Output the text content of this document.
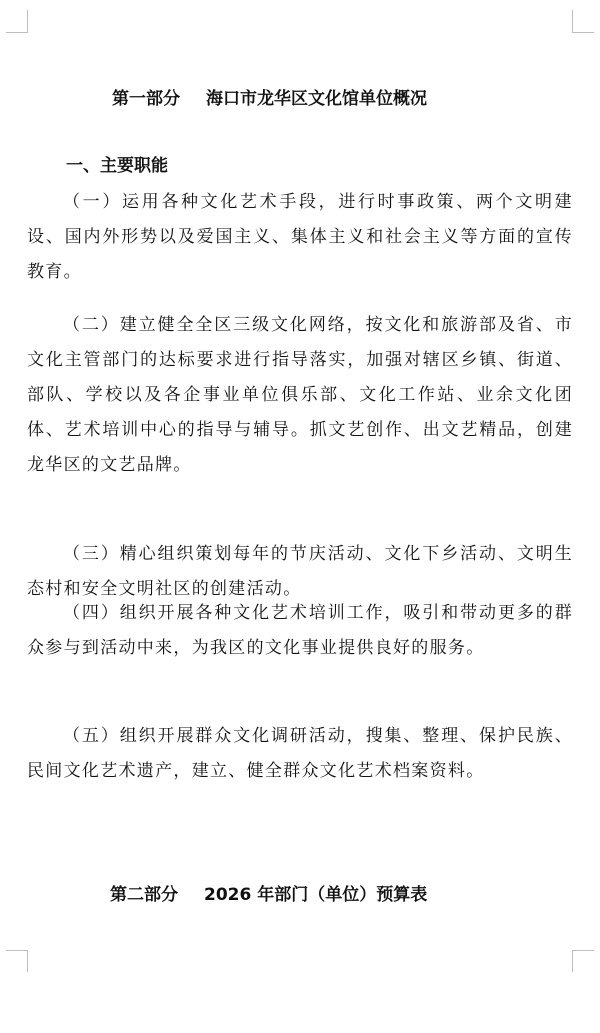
第一部分 海口市龙华区文化馆单位概况
一、主要职能

（一）运用各种文化艺术手段，进行时事政策、两个文明建设、国内外形势以及爱国主义、集体主义和社会主义等方面的宣传教育。

（二）建立健全全区三级文化网络，按文化和旅游部及省、市文化主管部门的达标要求进行指导落实，加强对辖区乡镇、街道、部队、学校以及各企事业单位俱乐部、文化工作站、业余文化团体、艺术培训中心的指导与辅导。抓文艺创作、出文艺精品，创建龙华区的文艺品牌。

（三）精心组织策划每年的节庆活动、文化下乡活动、文明生态村和安全文明社区的创建活动。

（四）组织开展各种文化艺术培训工作，吸引和带动更多的群众参与到活动中来，为我区的文化事业提供良好的服务。

（五）组织开展群众文化调研活动，搜集、整理、保护民族、民间文化艺术遗产，建立、健全群众文化艺术档案资料。

第二部分 2026 年部门（单位）预算表
